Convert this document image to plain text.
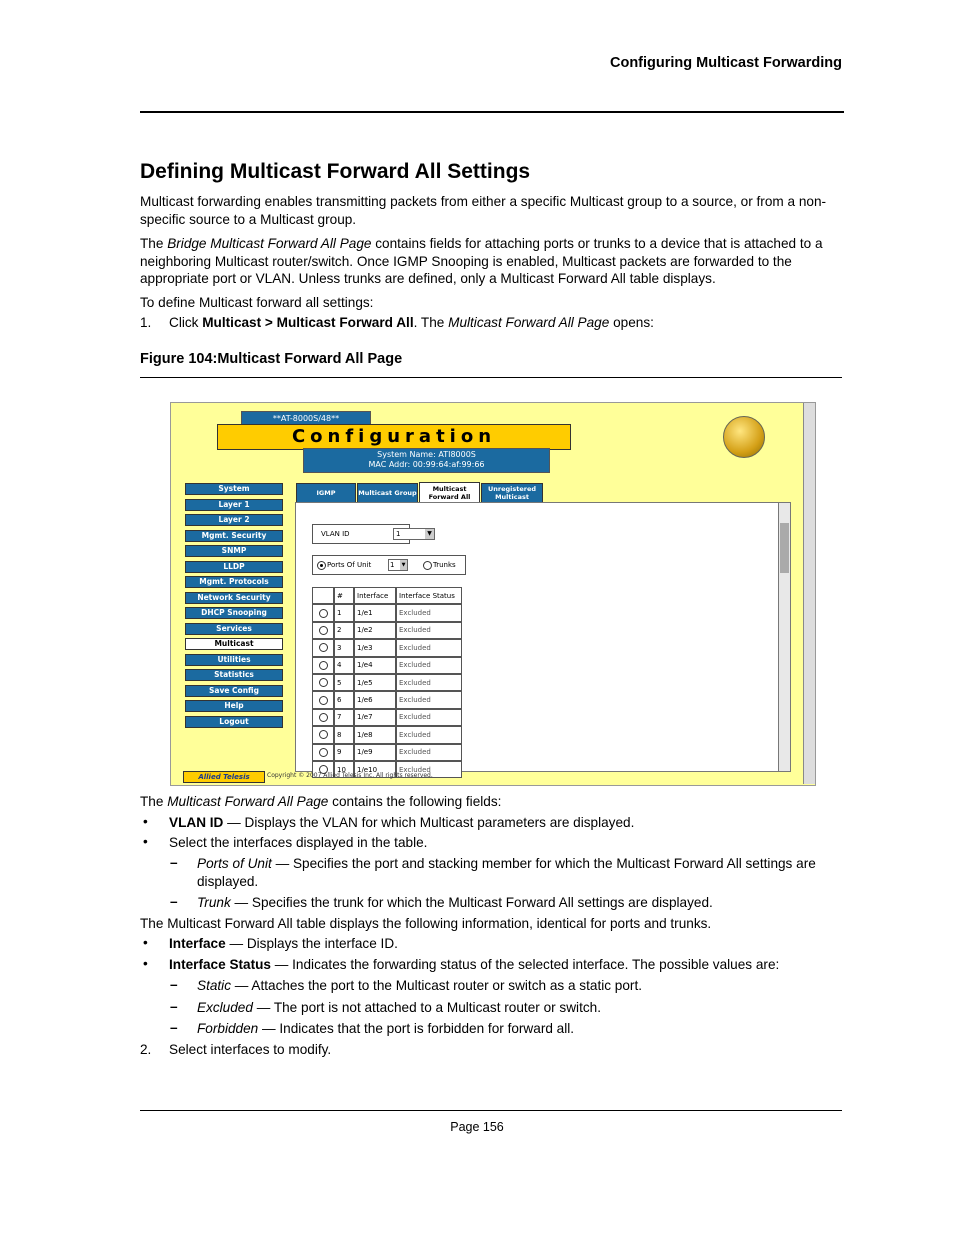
Configuring Multicast Forwarding
Defining Multicast Forward All Settings
Multicast forwarding enables transmitting packets from either a specific Multicast group to a source, or from a non-specific source to a Multicast group.
The Bridge Multicast Forward All Page contains fields for attaching ports or trunks to a device that is attached to a neighboring Multicast router/switch. Once IGMP Snooping is enabled, Multicast packets are forwarded to the appropriate port or VLAN. Unless trunks are defined, only a Multicast Forward All table displays.
To define Multicast forward all settings:
1. Click Multicast > Multicast Forward All. The Multicast Forward All Page opens:
Figure 104:Multicast Forward All Page
**AT-8000S/48**
Configuration
System Name: ATI8000S
MAC Addr: 00:99:64:af:99:66
System
Layer 1
Layer 2
Mgmt. Security
SNMP
LLDP
Mgmt. Protocols
Network Security
DHCP Snooping
Services
Multicast
Utilities
Statistics
Save Config
Help
Logout
IGMP	Multicast Group	Multicast Forward All
Unregistered Multicast
VLAN ID	1	▼
Ports Of Unit	1	▼	Trunks
#	Interface	Interface Status
1	1/e1	Excluded
2	1/e2	Excluded
3	1/e3	Excluded
4	1/e4	Excluded
5	1/e5	Excluded
6	1/e6	Excluded
7	1/e7	Excluded
8	1/e8	Excluded
9	1/e9	Excluded
10	1/e10	Excluded
Allied Telesis	Copyright © 2007 Allied Telesis Inc. All rights reserved.
The Multicast Forward All Page contains the following fields:
• VLAN ID — Displays the VLAN for which Multicast parameters are displayed.
• Select the interfaces displayed in the table.
– Ports of Unit — Specifies the port and stacking member for which the Multicast Forward All settings are displayed.
– Trunk — Specifies the trunk for which the Multicast Forward All settings are displayed.
The Multicast Forward All table displays the following information, identical for ports and trunks.
• Interface — Displays the interface ID.
• Interface Status — Indicates the forwarding status of the selected interface. The possible values are:
– Static — Attaches the port to the Multicast router or switch as a static port.
– Excluded — The port is not attached to a Multicast router or switch.
– Forbidden — Indicates that the port is forbidden for forward all.
2. Select interfaces to modify.
Page 156
